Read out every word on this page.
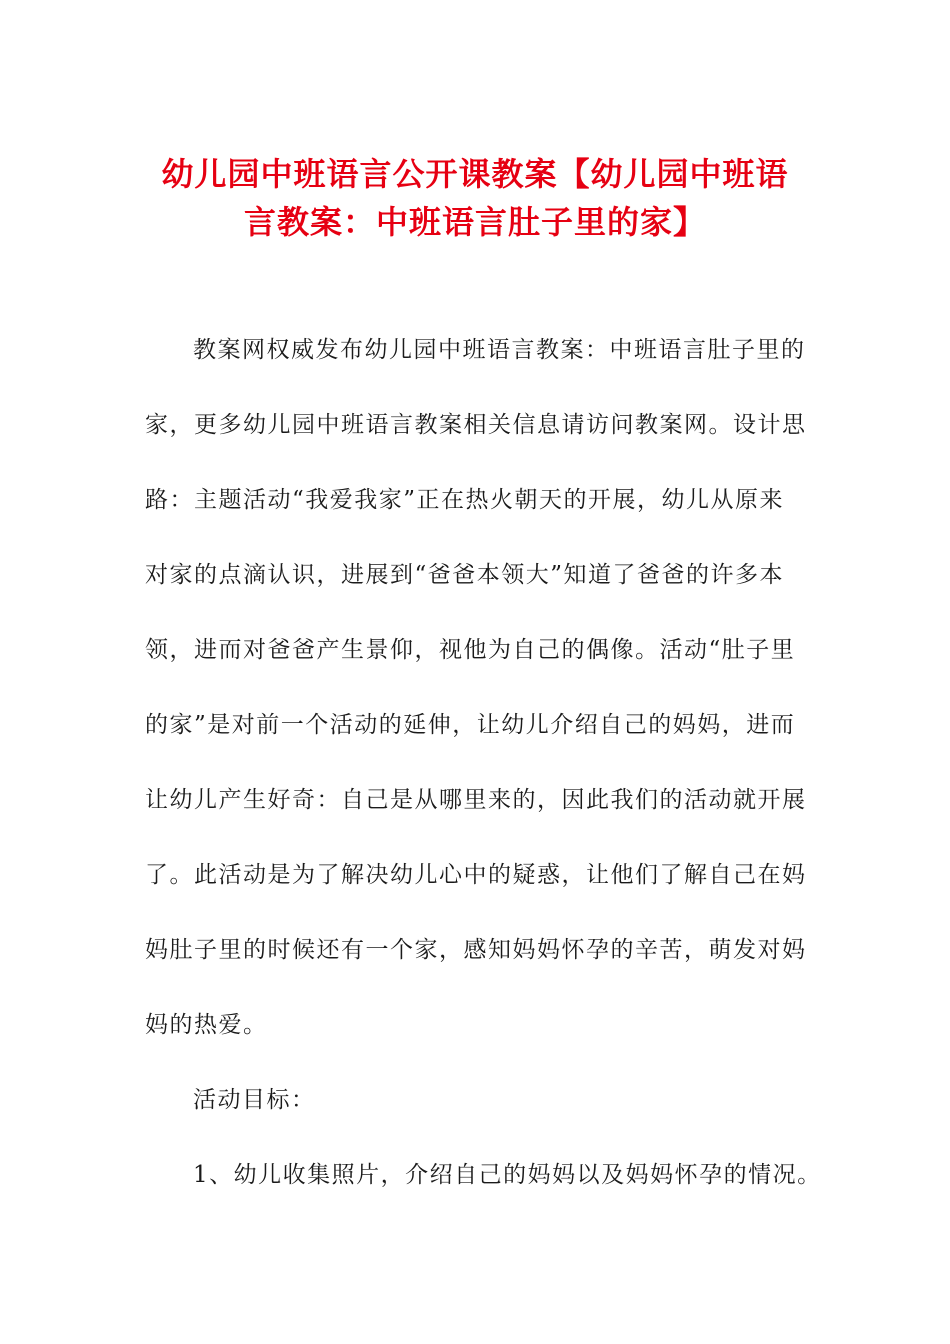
幼儿园中班语言公开课教案【幼儿园中班语
言教案：中班语言肚子里的家】
教案网权威发布幼儿园中班语言教案：中班语言肚子里的
家，更多幼儿园中班语言教案相关信息请访问教案网。设计思
路：主题活动“我爱我家”正在热火朝天的开展，幼儿从原来
对家的点滴认识，进展到“爸爸本领大”知道了爸爸的许多本
领，进而对爸爸产生景仰，视他为自己的偶像。活动“肚子里
的家”是对前一个活动的延伸，让幼儿介绍自己的妈妈，进而
让幼儿产生好奇：自己是从哪里来的，因此我们的活动就开展
了。此活动是为了解决幼儿心中的疑惑，让他们了解自己在妈
妈肚子里的时候还有一个家，感知妈妈怀孕的辛苦，萌发对妈
妈的热爱。
活动目标：
1、幼儿收集照片，介绍自己的妈妈以及妈妈怀孕的情况。
